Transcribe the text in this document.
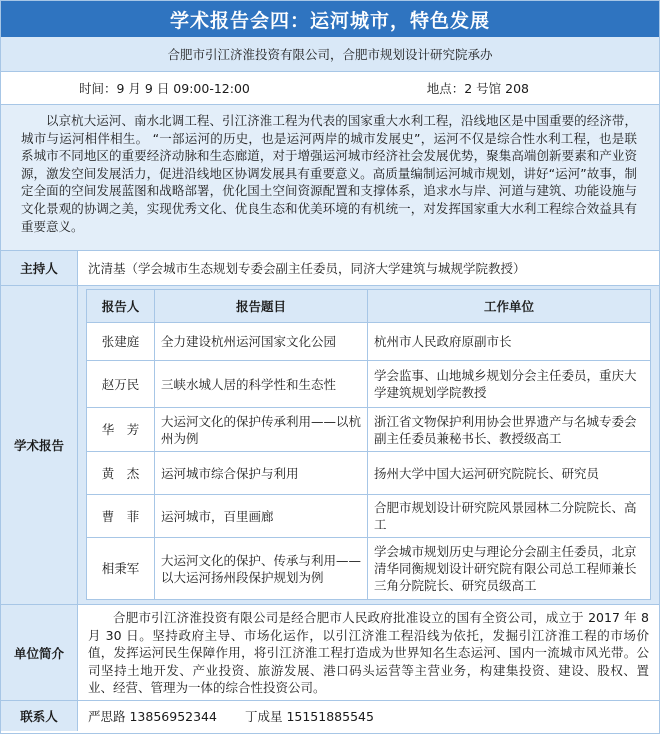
学术报告会四：运河城市，特色发展
合肥市引江济淮投资有限公司，合肥市规划设计研究院承办
时间：9 月 9 日 09:00-12:00	地点：2 号馆 208

以京杭大运河、南水北调工程、引江济淮工程为代表的国家重大水利工程，沿线地区是中国重要的经济带，城市与运河相伴相生。 “一部运河的历史，也是运河两岸的城市发展史”，运河不仅是综合性水利工程，也是联系城市不同地区的重要经济动脉和生态廊道，对于增强运河城市经济社会发展优势，聚集高端创新要素和产业资源，激发空间发展活力，促进沿线地区协调发展具有重要意义。高质量编制运河城市规划，讲好“运河”故事，制定全面的空间发展蓝图和战略部署，优化国土空间资源配置和支撑体系，追求水与岸、河道与建筑、功能设施与文化景观的协调之美，实现优秀文化、优良生态和优美环境的有机统一，对发挥国家重大水利工程综合效益具有重要意义。

主持人	沈清基（学会城市生态规划专委会副主任委员，同济大学建筑与城规学院教授）
学术报告
报告人	报告题目	工作单位
张建庭	全力建设杭州运河国家文化公园	杭州市人民政府原副市长
赵万民	三峡水城人居的科学性和生态性	学会监事、山地城乡规划分会主任委员，重庆大学建筑规划学院教授
华　芳	大运河文化的保护传承利用——以杭州为例	浙江省文物保护利用协会世界遗产与名城专委会副主任委员兼秘书长、教授级高工
黄　杰	运河城市综合保护与利用	扬州大学中国大运河研究院院长、研究员
曹　菲	运河城市，百里画廊	合肥市规划设计研究院风景园林二分院院长、高工
相秉军	大运河文化的保护、传承与利用——以大运河扬州段保护规划为例	学会城市规划历史与理论分会副主任委员，北京清华同衡规划设计研究院有限公司总工程师兼长三角分院院长、研究员级高工
单位简介

合肥市引江济淮投资有限公司是经合肥市人民政府批准设立的国有全资公司，成立于 2017 年 8 月 30 日。坚持政府主导、市场化运作，以引江济淮工程沿线为依托，发掘引江济淮工程的市场价值，发挥运河民生保障作用，将引江济淮工程打造成为世界知名生态运河、国内一流城市风光带。公司坚持土地开发、产业投资、旅游发展、港口码头运营等主营业务，构建集投资、建设、股权、置业、经营、管理为一体的综合性投资公司。

联系人	严思路 13856952344 丁成星 15151885545
